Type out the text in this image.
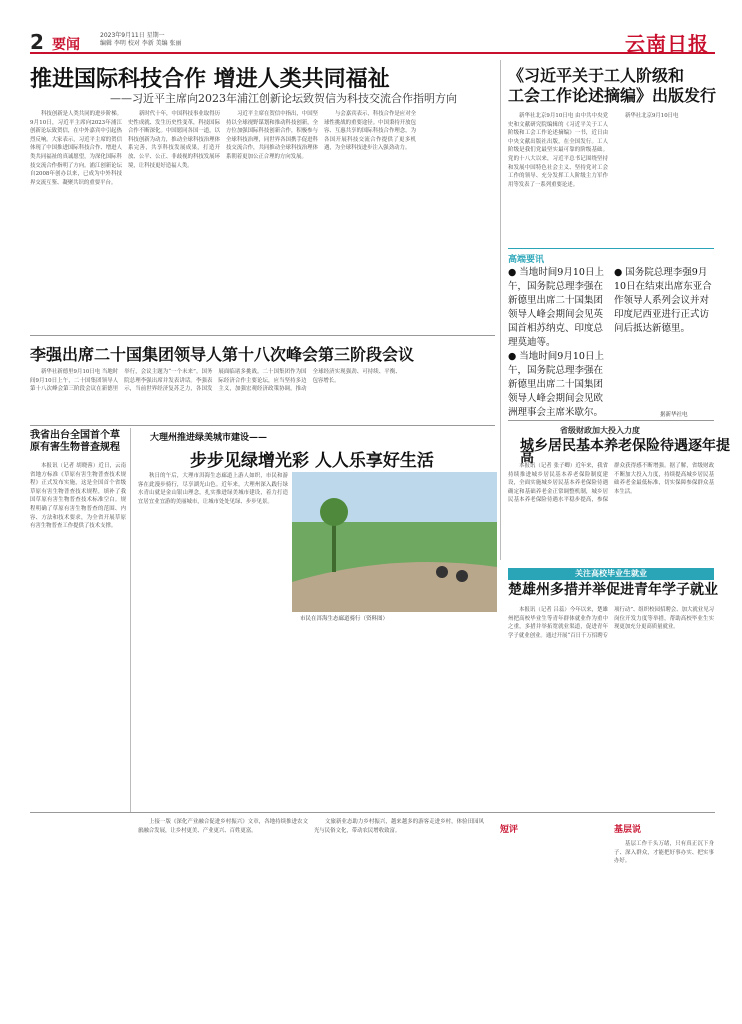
2 要闻
2023年9月11日 星期一
编辑 李明 校对 李新 美编 张丽	云南日报
推进国际科技合作 增进人类共同福祉
——习近平主席向2023年浦江创新论坛致贺信为科技交流合作指明方向

科技创新是人类共同的进步阶梯。9月10日，习近平主席向2023年浦江创新论坛致贺信，在中外嘉宾中引起热烈反响。大家表示，习近平主席的贺信体现了中国推进国际科技合作、增进人类共同福祉的真诚愿望，为深化国际科技交流合作指明了方向。浦江创新论坛自2008年创办以来，已成为中外科技界交流互鉴、凝聚共识的重要平台。

新时代十年，中国科技事业取得历史性成就、发生历史性变革，科技国际合作不断深化。中国愿同各国一道，以科技创新为动力，推动全球科技治理体系完善，共享科技发展成果，打造开放、公平、公正、非歧视的科技发展环境，让科技更好造福人类。

习近平主席在贺信中指出，中国坚持以全球视野谋划和推动科技创新，全方位加强国际科技创新合作，积极参与全球科技治理，同世界各国携手促进科技交流合作，共同推动全球科技治理体系朝着更加公正合理的方向发展。

与会嘉宾表示，科技合作是应对全球性挑战的重要途径。中国秉持开放包容、互惠共享的国际科技合作理念，为各国开展科技交流合作提供了更多机遇，为全球科技进步注入强劲动力。

《习近平关于工人阶级和
工会工作论述摘编》出版发行

新华社北京9月10日电 由中共中央党史和文献研究院编辑的《习近平关于工人阶级和工会工作论述摘编》一书，近日由中央文献出版社出版，在全国发行。工人阶级是我们党最坚实最可靠的阶级基础。党的十八大以来，习近平总书记围绕坚持和发展中国特色社会主义、坚持党对工会工作的领导、充分发挥工人阶级主力军作用等发表了一系列重要论述。

新华社北京9月10日电

高端要讯
● 当地时间9月10日上午，国务院总理李强在新德里出席二十国集团领导人峰会期间会见英国首相苏纳克、印度总理莫迪等。
● 当地时间9月10日上午，国务院总理李强在新德里出席二十国集团领导人峰会期间会见欧洲理事会主席米歇尔。
● 国务院总理李强9月10日在结束出席东亚合作领导人系列会议并对印度尼西亚进行正式访问后抵达新德里。
据新华社电
李强出席二十国集团领导人第十八次峰会第三阶段会议

新华社新德里9月10日电 当地时间9月10日上午，二十国集团领导人第十八次峰会第三阶段会议在新德里举行，会议主题为“一个未来”。国务院总理李强出席并发表讲话。李强表示，当前世界经济复苏乏力，各国发展面临诸多挑战。二十国集团作为国际经济合作主要论坛，应当坚持多边主义，加强宏观经济政策协调，推动全球经济实现强劲、可持续、平衡、包容增长。

省级财政加大投入力度
城乡居民基本养老保险待遇逐年提高

本报讯（记者 张子卿）近年来，我省持续推进城乡居民基本养老保险制度建设，全面实施城乡居民基本养老保险待遇确定和基础养老金正常调整机制，城乡居民基本养老保险待遇水平稳步提高，参保群众获得感不断增强。据了解，省级财政不断加大投入力度，持续提高城乡居民基础养老金最低标准，切实保障参保群众基本生活。

我省出台全国首个草原有害生物普查规程

本报讯（记者 胡晓蓉）近日，云南省地方标准《草原有害生物普查技术规程》正式发布实施，这是全国首个省级草原有害生物普查技术规程，填补了我国草原有害生物普查技术标准空白。规程明确了草原有害生物普查的范围、内容、方法和技术要求，为全省开展草原有害生物普查工作提供了技术支撑。

大理州推进绿美城市建设——
步步见绿增光彩 人人乐享好生活

秋日的午后，大理市洱海生态廊道上游人如织，市民和游客在此漫步骑行，尽享湖光山色。近年来，大理州深入践行绿水青山就是金山银山理念，扎实推进绿美城市建设，着力打造宜居宜业宜游的美丽城市，让城市处处见绿、步步见景。

市民在洱海生态廊道骑行（资料图）
关注高校毕业生就业
楚雄州多措并举促进青年学子就业

本报讯（记者 吕蕊）今年以来，楚雄州把高校毕业生等青年群体就业作为重中之重，多措并举拓宽就业渠道，促进青年学子就业创业。通过开展“百日千万招聘专项行动”、组织校园招聘会、加大就业见习岗位开发力度等举措，帮助高校毕业生实现更加充分更高质量就业。

上接一版《深化产业融合促进乡村振兴》文章，各地持续推进农文旅融合发展，让乡村更美、产业更兴、百姓更富。

文旅新业态助力乡村振兴，越来越多的游客走进乡村，体验田园风光与民俗文化，带动农民增收致富。	短评	基层说

基层工作千头万绪，只有真正沉下身子、深入群众，才能把好事办实、把实事办好。
